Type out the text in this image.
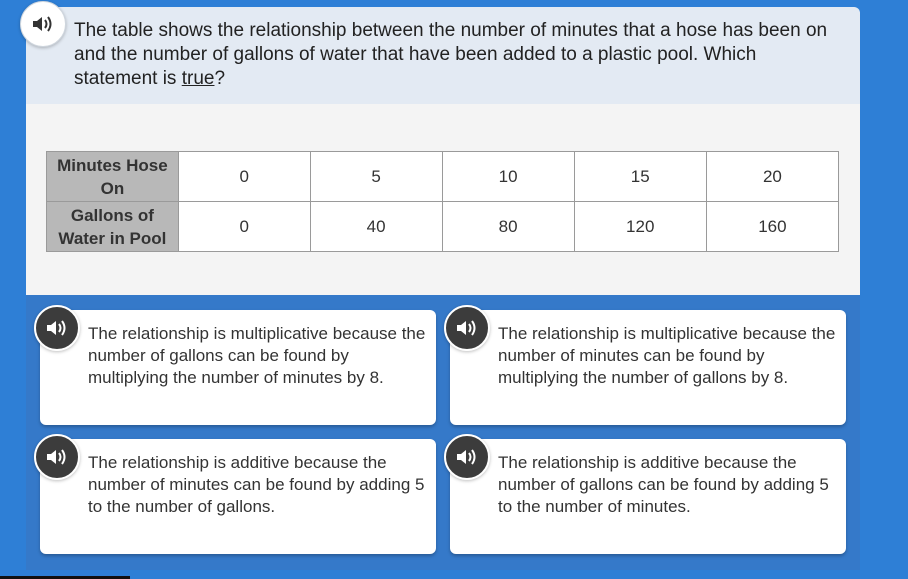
The table shows the relationship between the number of minutes that a hose has been on and the number of gallons of water that have been added to a plastic pool. Which statement is true?
Minutes Hose On	0	5	10	15	20
Gallons of Water in Pool	0	40	80	120	160
The relationship is multiplicative because the number of gallons can be found by multiplying the number of minutes by 8.
The relationship is multiplicative because the number of minutes can be found by multiplying the number of gallons by 8.
The relationship is additive because the number of minutes can be found by adding 5 to the number of gallons.
The relationship is additive because the number of gallons can be found by adding 5 to the number of minutes.
